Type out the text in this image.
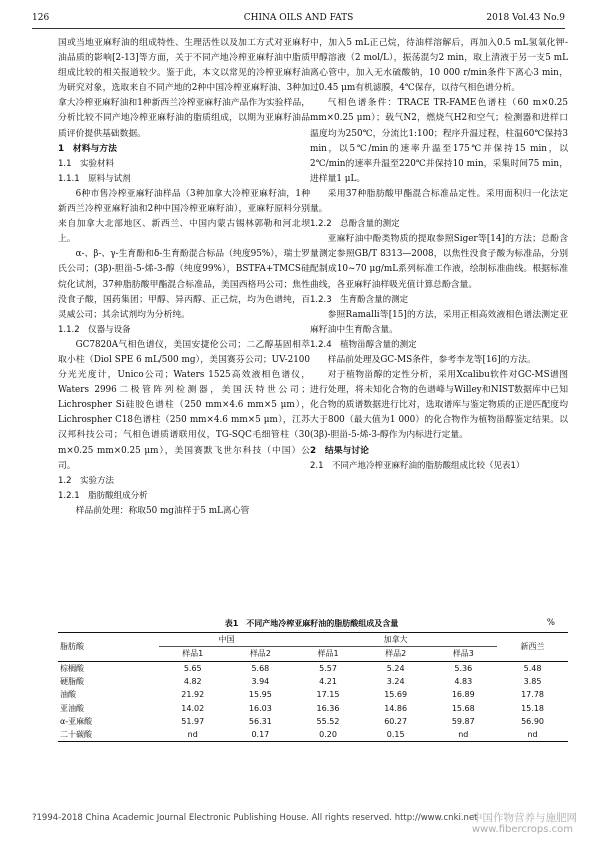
126	CHINA OILS AND FATS	2018 Vol.43 No.9

国或当地亚麻籽油的组成特性、生理活性以及加工方式对亚麻籽油品质的影响[2-13]等方面，关于不同产地冷榨亚麻籽油中脂质组成比较的相关报道较少。鉴于此，本文以常见的冷榨亚麻籽油为研究对象，选取来自不同产地的2种中国冷榨亚麻籽油、3种加拿大冷榨亚麻籽油和1种新西兰冷榨亚麻籽油产品作为实验样品，分析比较不同产地冷榨亚麻籽油的脂质组成，以期为亚麻籽油品质评价提供基础数据。

1　材料与方法

1.1　实验材料

1.1.1　原料与试剂

6种市售冷榨亚麻籽油样品（3种加拿大冷榨亚麻籽油，1种新西兰冷榨亚麻籽油和2种中国冷榨亚麻籽油），亚麻籽原料分别来自加拿大北部地区、新西兰、中国内蒙古锡林郭勒和河北坝上。

α-、β-、γ-生育酚和δ-生育酚混合标品（纯度95%），瑞士罗氏公司；(3β)-胆甾-5-烯-3-醇（纯度99%），BSTFA+TMCS硅烷化试剂，37种脂肪酸甲酯混合标准品，美国西格玛公司；焦性没食子酸，国药集团；甲醇、异丙醇、正己烷，均为色谱纯，百灵威公司；其余试剂均为分析纯。

1.1.2　仪器与设备

GC7820A气相色谱仪，美国安捷伦公司；二乙醇基固相萃取小柱（Diol SPE 6 mL/500 mg），美国赛芬公司；UV-2100分光光度计，Unico公司；Waters 1525高效液相色谱仪，Waters 2996二极管阵列检测器，美国沃特世公司；Lichrospher Si硅胶色谱柱（250 mm×4.6 mm×5 μm），Lichrospher C18色谱柱（250 mm×4.6 mm×5 μm），江苏汉邦科技公司；气相色谱质谱联用仪，TG-SQC毛细管柱（30 m×0.25 mm×0.25 μm），美国赛默飞世尔科技（中国）公司。

1.2　实验方法

1.2.1　脂肪酸组成分析

样品前处理：称取50 mg油样于5 mL离心管

中，加入5 mL正己烷，待油样溶解后，再加入0.5 mL氢氧化钾-甲醇溶液（2 mol/L），振荡混匀2 min，取上清液于另一支5 mL离心管中，加入无水硫酸钠，10 000 r/min条件下离心3 min，过0.45 μm有机滤膜，4℃保存，以待气相色谱分析。

气相色谱条件：TRACE TR-FAME色谱柱（60 m×0.25 mm×0.25 μm）；载气N2，燃烧气H2和空气；检测器和进样口温度均为250℃，分流比1:100；程序升温过程，柱温60℃保持3 min，以5℃/min的速率升温至175℃并保持15 min，以2℃/min的速率升温至220℃并保持10 min，采集时间75 min，进样量1 μL。

采用37种脂肪酸甲酯混合标准品定性。采用面积归一化法定量。

1.2.2　总酚含量的测定

亚麻籽油中酚类物质的提取参照Siger等[14]的方法；总酚含量测定参照GB/T 8313—2008，以焦性没食子酸为标准品，分别配制成10~70 μg/mL系列标准工作液，绘制标准曲线。根据标准曲线，各亚麻籽油样吸光值计算总酚含量。

1.2.3　生育酚含量的测定

参照Ramalli等[15]的方法，采用正相高效液相色谱法测定亚麻籽油中生育酚含量。

1.2.4　植物甾醇含量的测定

样品前处理及GC-MS条件，参考李龙等[16]的方法。

对于植物甾醇的定性分析，采用Xcalibu软件对GC-MS谱图进行处理，将未知化合物的色谱峰与Willey和NIST数据库中已知化合物的质谱数据进行比对，选取谱库与鉴定物质的正逆匹配度均大于800（最大值为1 000）的化合物作为植物甾醇鉴定结果。以(3β)-胆甾-5-烯-3-醇作为内标进行定量。

2　结果与讨论

2.1　不同产地冷榨亚麻籽油的脂肪酸组成比较（见表1）

表1　不同产地冷榨亚麻籽油的脂肪酸组成及含量	%
脂肪酸	中国		加拿大			新西兰
	样品1	样品2	样品1	样品2	样品3	
棕榈酸	5.65	5.68	5.57	5.24	5.36	5.48
硬脂酸	4.82	3.94	4.21	3.24	4.83	3.85
油酸	21.92	15.95	17.15	15.69	16.89	17.78
亚油酸	14.02	16.03	16.36	14.86	15.68	15.18
α-亚麻酸	51.97	56.31	55.52	60.27	59.87	56.90
二十碳酸	nd	0.17	0.20	0.15	nd	nd
?1994-2018 China Academic Journal Electronic Publishing House. All rights reserved. http://www.cnki.net
中国作物营养与施肥网
www.fibercrops.com
